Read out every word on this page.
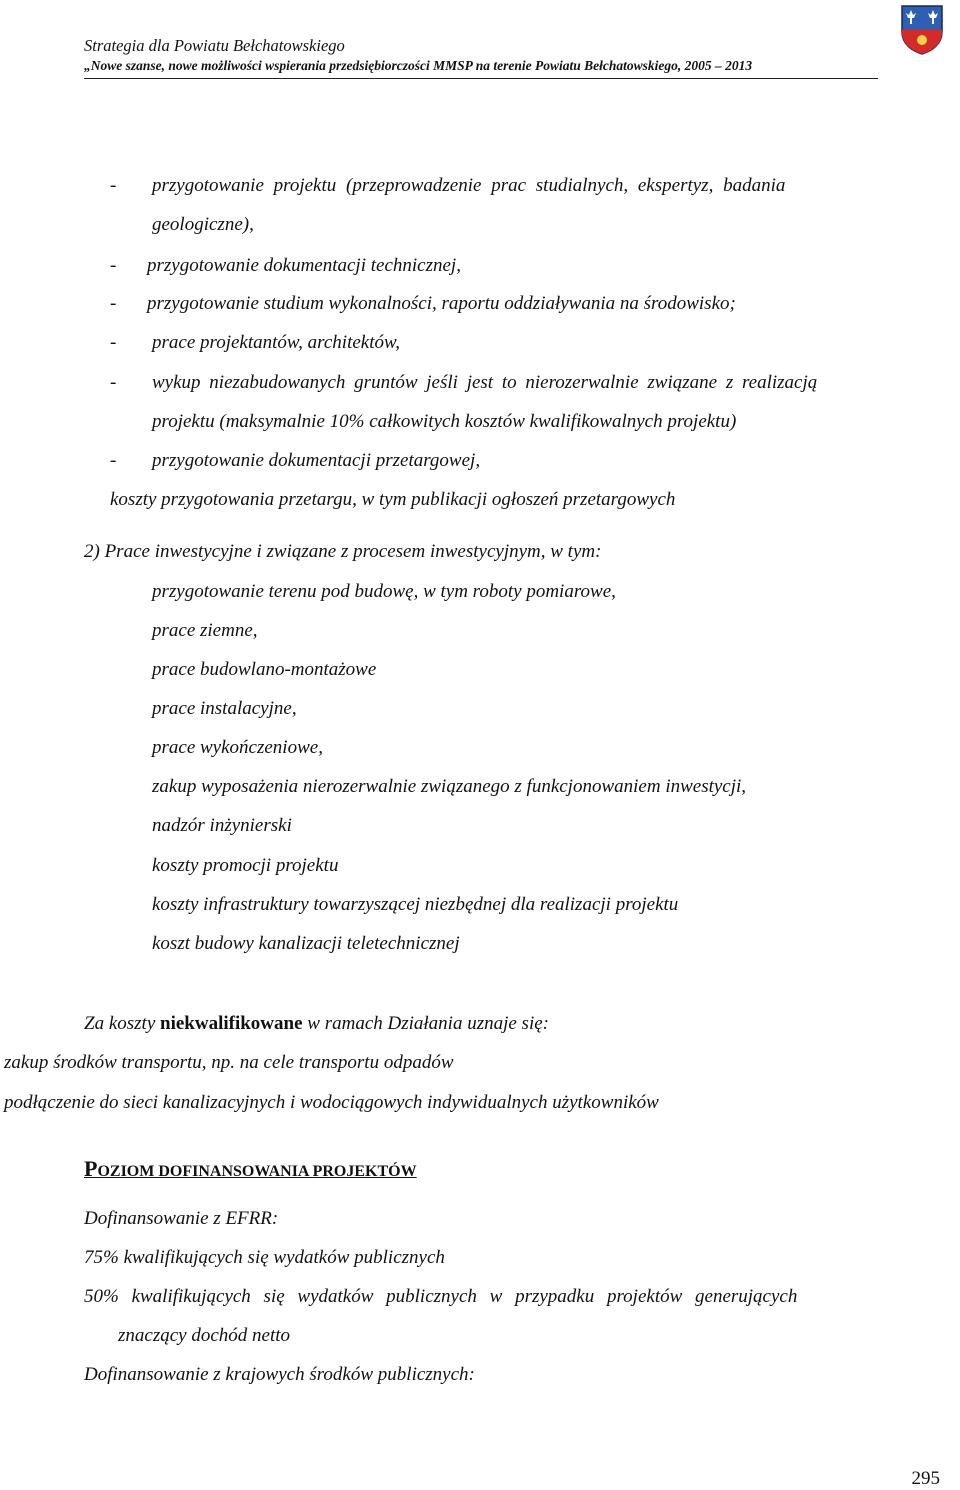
Strategia dla Powiatu Bełchatowskiego
„Nowe szanse, nowe możliwości wspierania przedsiębiorczości MMSP na terenie Powiatu Bełchatowskiego, 2005 – 2013
- przygotowanie projektu (przeprowadzenie prac studialnych, ekspertyz, badania
geologiczne),
- przygotowanie dokumentacji technicznej,
- przygotowanie studium wykonalności, raportu oddziaływania na środowisko;
- prace projektantów, architektów,
- wykup niezabudowanych gruntów jeśli jest to nierozerwalnie związane z realizacją
projektu (maksymalnie 10% całkowitych kosztów kwalifikowalnych projektu)
- przygotowanie dokumentacji przetargowej,
koszty przygotowania przetargu, w tym publikacji ogłoszeń przetargowych
2) Prace inwestycyjne i związane z procesem inwestycyjnym, w tym:
przygotowanie terenu pod budowę, w tym roboty pomiarowe,
prace ziemne,
prace budowlano-montażowe
prace instalacyjne,
prace wykończeniowe,
zakup wyposażenia nierozerwalnie związanego z funkcjonowaniem inwestycji,
nadzór inżynierski
koszty promocji projektu
koszty infrastruktury towarzyszącej niezbędnej dla realizacji projektu
koszt budowy kanalizacji teletechnicznej
Za koszty niekwalifikowane w ramach Działania uznaje się:
zakup środków transportu, np. na cele transportu odpadów
podłączenie do sieci kanalizacyjnych i wodociągowych indywidualnych użytkowników
POZIOM DOFINANSOWANIA PROJEKTÓW
Dofinansowanie z EFRR:
75% kwalifikujących się wydatków publicznych
50% kwalifikujących się wydatków publicznych w przypadku projektów generujących
znaczący dochód netto
Dofinansowanie z krajowych środków publicznych:
295
